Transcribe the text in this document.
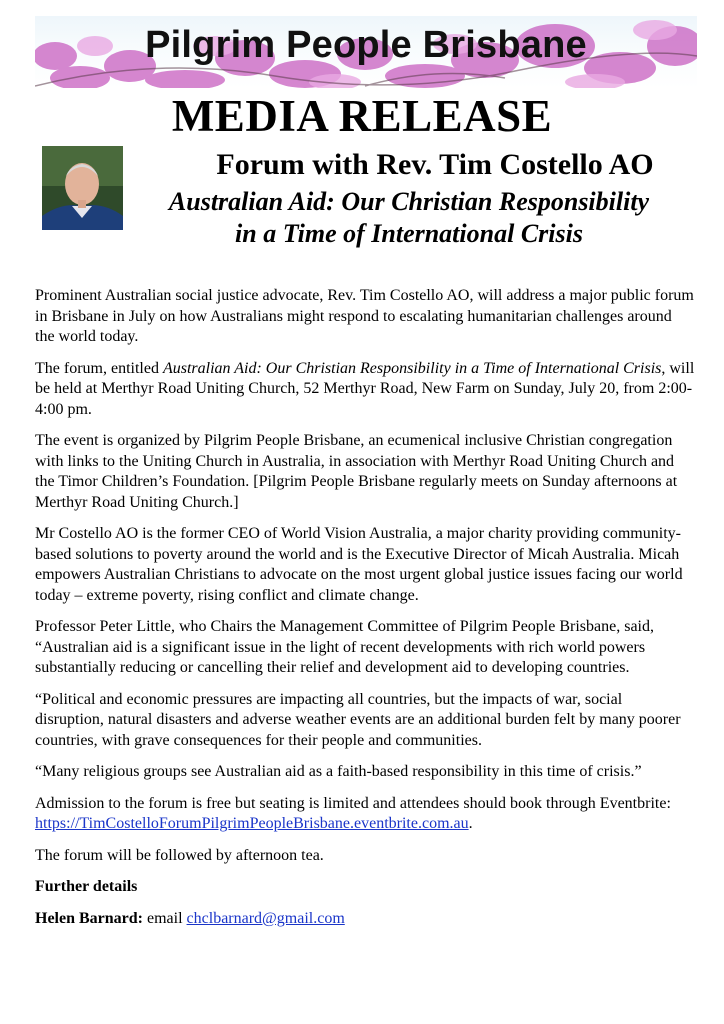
Pilgrim People Brisbane
MEDIA RELEASE
Forum with Rev. Tim Costello AO
Australian Aid: Our Christian Responsibility
in a Time of International Crisis

Prominent Australian social justice advocate, Rev. Tim Costello AO, will address a major public forum in Brisbane in July on how Australians might respond to escalating humanitarian challenges around the world today.

The forum, entitled Australian Aid: Our Christian Responsibility in a Time of International Crisis, will be held at Merthyr Road Uniting Church, 52 Merthyr Road, New Farm on Sunday, July 20, from 2:00-4:00 pm.

The event is organized by Pilgrim People Brisbane, an ecumenical inclusive Christian congregation with links to the Uniting Church in Australia, in association with Merthyr Road Uniting Church and the Timor Children’s Foundation. [Pilgrim People Brisbane regularly meets on Sunday afternoons at Merthyr Road Uniting Church.]

Mr Costello AO is the former CEO of World Vision Australia, a major charity providing community-based solutions to poverty around the world and is the Executive Director of Micah Australia. Micah empowers Australian Christians to advocate on the most urgent global justice issues facing our world today – extreme poverty, rising conflict and climate change.

Professor Peter Little, who Chairs the Management Committee of Pilgrim People Brisbane, said, “Australian aid is a significant issue in the light of recent developments with rich world powers substantially reducing or cancelling their relief and development aid to developing countries.

“Political and economic pressures are impacting all countries, but the impacts of war, social disruption, natural disasters and adverse weather events are an additional burden felt by many poorer countries, with grave consequences for their people and communities.

“Many religious groups see Australian aid as a faith-based responsibility in this time of crisis.”

Admission to the forum is free but seating is limited and attendees should book through Eventbrite: https://TimCostelloForumPilgrimPeopleBrisbane.eventbrite.com.au.

The forum will be followed by afternoon tea.

Further details

Helen Barnard: email chclbarnard@gmail.com
